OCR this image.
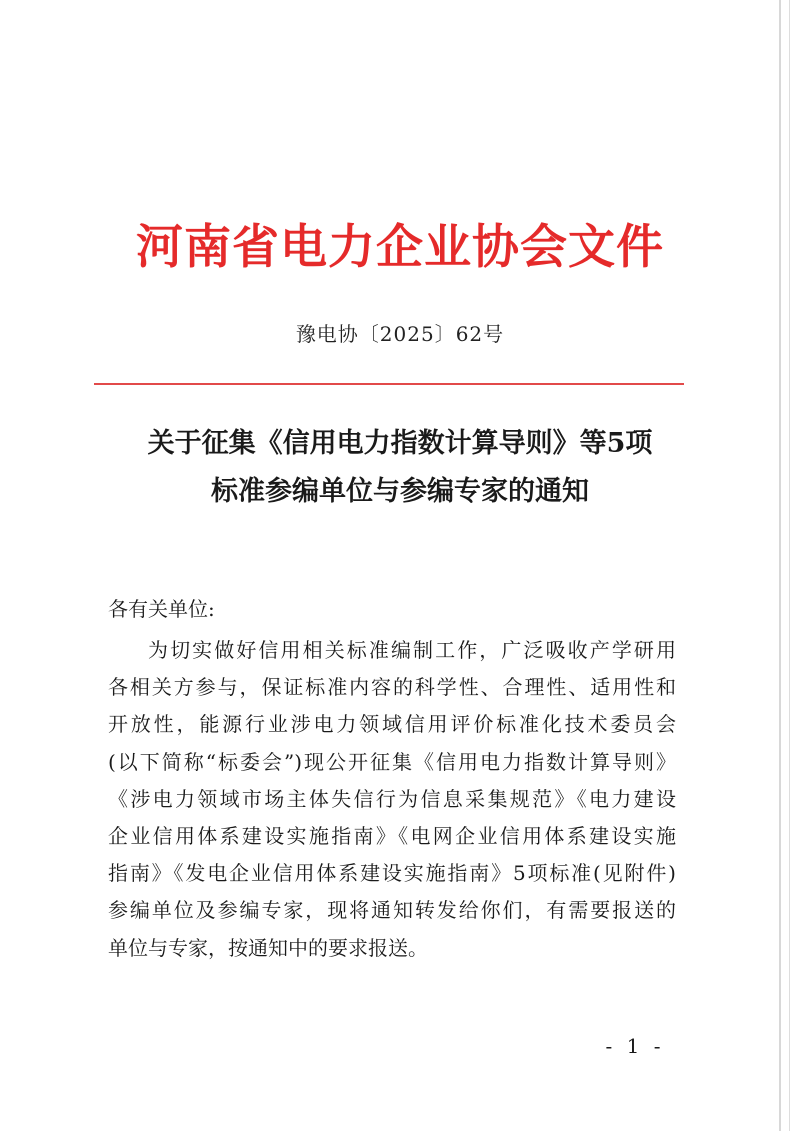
河南省电力企业协会文件
豫电协〔2025〕62号
关于征集《信用电力指数计算导则》等5项
标准参编单位与参编专家的通知
各有关单位:
为切实做好信用相关标准编制工作，广泛吸收产学研用
各相关方参与，保证标准内容的科学性、合理性、适用性和
开放性，能源行业涉电力领域信用评价标准化技术委员会
(以下简称“标委会”)现公开征集《信用电力指数计算导则》
《涉电力领域市场主体失信行为信息采集规范》《电力建设
企业信用体系建设实施指南》《电网企业信用体系建设实施
指南》《发电企业信用体系建设实施指南》5项标准(见附件)
参编单位及参编专家，现将通知转发给你们，有需要报送的
单位与专家，按通知中的要求报送。
- 1 -
